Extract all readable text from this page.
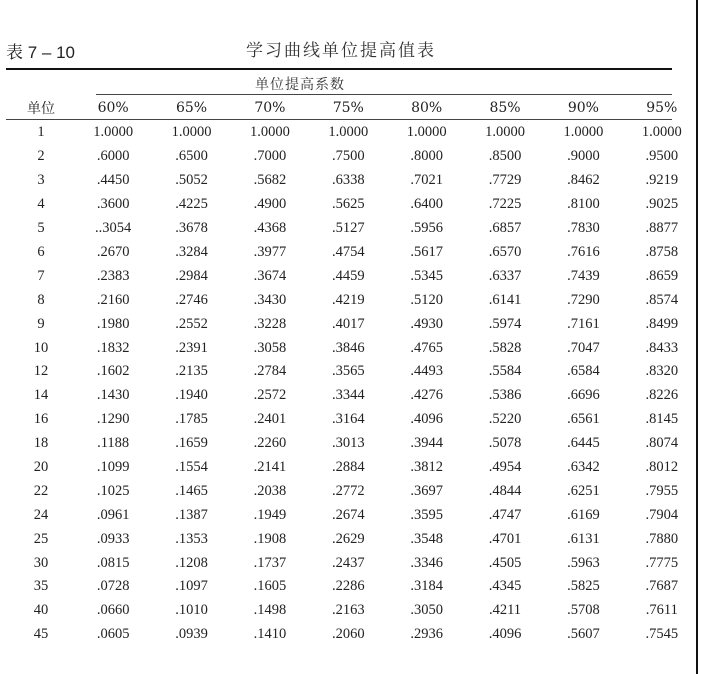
表 7 – 10	学习曲线单位提高值表
单位提高系数
单位	60%	65%	70%	75%	80%	85%	90%	95%
1	1.0000	1.0000	1.0000	1.0000	1.0000	1.0000	1.0000	1.0000
2	.6000	.6500	.7000	.7500	.8000	.8500	.9000	.9500
3	.4450	.5052	.5682	.6338	.7021	.7729	.8462	.9219
4	.3600	.4225	.4900	.5625	.6400	.7225	.8100	.9025
5	..3054	.3678	.4368	.5127	.5956	.6857	.7830	.8877
6	.2670	.3284	.3977	.4754	.5617	.6570	.7616	.8758
7	.2383	.2984	.3674	.4459	.5345	.6337	.7439	.8659
8	.2160	.2746	.3430	.4219	.5120	.6141	.7290	.8574
9	.1980	.2552	.3228	.4017	.4930	.5974	.7161	.8499
10	.1832	.2391	.3058	.3846	.4765	.5828	.7047	.8433
12	.1602	.2135	.2784	.3565	.4493	.5584	.6584	.8320
14	.1430	.1940	.2572	.3344	.4276	.5386	.6696	.8226
16	.1290	.1785	.2401	.3164	.4096	.5220	.6561	.8145
18	.1188	.1659	.2260	.3013	.3944	.5078	.6445	.8074
20	.1099	.1554	.2141	.2884	.3812	.4954	.6342	.8012
22	.1025	.1465	.2038	.2772	.3697	.4844	.6251	.7955
24	.0961	.1387	.1949	.2674	.3595	.4747	.6169	.7904
25	.0933	.1353	.1908	.2629	.3548	.4701	.6131	.7880
30	.0815	.1208	.1737	.2437	.3346	.4505	.5963	.7775
35	.0728	.1097	.1605	.2286	.3184	.4345	.5825	.7687
40	.0660	.1010	.1498	.2163	.3050	.4211	.5708	.7611
45	.0605	.0939	.1410	.2060	.2936	.4096	.5607	.7545
